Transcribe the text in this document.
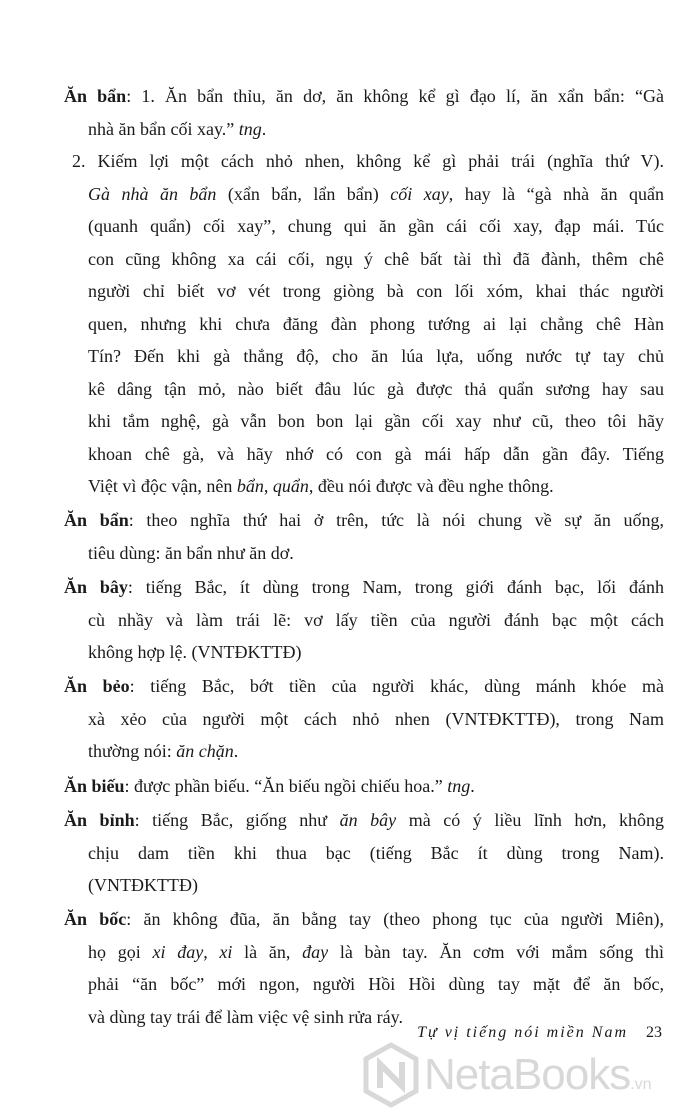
Ăn bẩn: 1. Ăn bẩn thỉu, ăn dơ, ăn không kể gì đạo lí, ăn xẩn bẩn: “Gà
nhà ăn bẩn cối xay.” tng.
2. Kiếm lợi một cách nhỏ nhen, không kể gì phải trái (nghĩa thứ V).
Gà nhà ăn bẩn (xẩn bẩn, lẩn bẩn) cối xay, hay là “gà nhà ăn quẩn
(quanh quẩn) cối xay”, chung qui ăn gần cái cối xay, đạp mái. Túc
con cũng không xa cái cối, ngụ ý chê bất tài thì đã đành, thêm chê
người chỉ biết vơ vét trong giòng bà con lối xóm, khai thác người
quen, nhưng khi chưa đăng đàn phong tướng ai lại chẳng chê Hàn
Tín? Đến khi gà thắng độ, cho ăn lúa lựa, uống nước tự tay chủ
kê dâng tận mỏ, nào biết đâu lúc gà được thả quẩn sương hay sau
khi tắm nghệ, gà vẫn bon bon lại gần cối xay như cũ, theo tôi hãy
khoan chê gà, và hãy nhớ có con gà mái hấp dẫn gần đây. Tiếng
Việt vì độc vận, nên bẩn, quẩn, đều nói được và đều nghe thông.
Ăn bẩn: theo nghĩa thứ hai ở trên, tức là nói chung về sự ăn uống,
tiêu dùng: ăn bẩn như ăn dơ.
Ăn bây: tiếng Bắc, ít dùng trong Nam, trong giới đánh bạc, lối đánh
cù nhầy và làm trái lẽ: vơ lấy tiền của người đánh bạc một cách
không hợp lệ. (VNTĐKTTĐ)
Ăn bẻo: tiếng Bắc, bớt tiền của người khác, dùng mánh khóe mà
xà xẻo của người một cách nhỏ nhen (VNTĐKTTĐ), trong Nam
thường nói: ăn chặn.
Ăn biếu: được phần biếu. “Ăn biếu ngồi chiếu hoa.” tng.
Ăn bỉnh: tiếng Bắc, giống như ăn bây mà có ý liều lĩnh hơn, không
chịu dam tiền khi thua bạc (tiếng Bắc ít dùng trong Nam).
(VNTĐKTTĐ)
Ăn bốc: ăn không đũa, ăn bằng tay (theo phong tục của người Miên),
họ gọi xi đay, xi là ăn, đay là bàn tay. Ăn cơm với mắm sống thì
phải “ăn bốc” mới ngon, người Hồi Hồi dùng tay mặt để ăn bốc,
và dùng tay trái để làm việc vệ sinh rửa ráy.
Tự vị tiếng nói miền Nam 23
NetaBooks.vn
